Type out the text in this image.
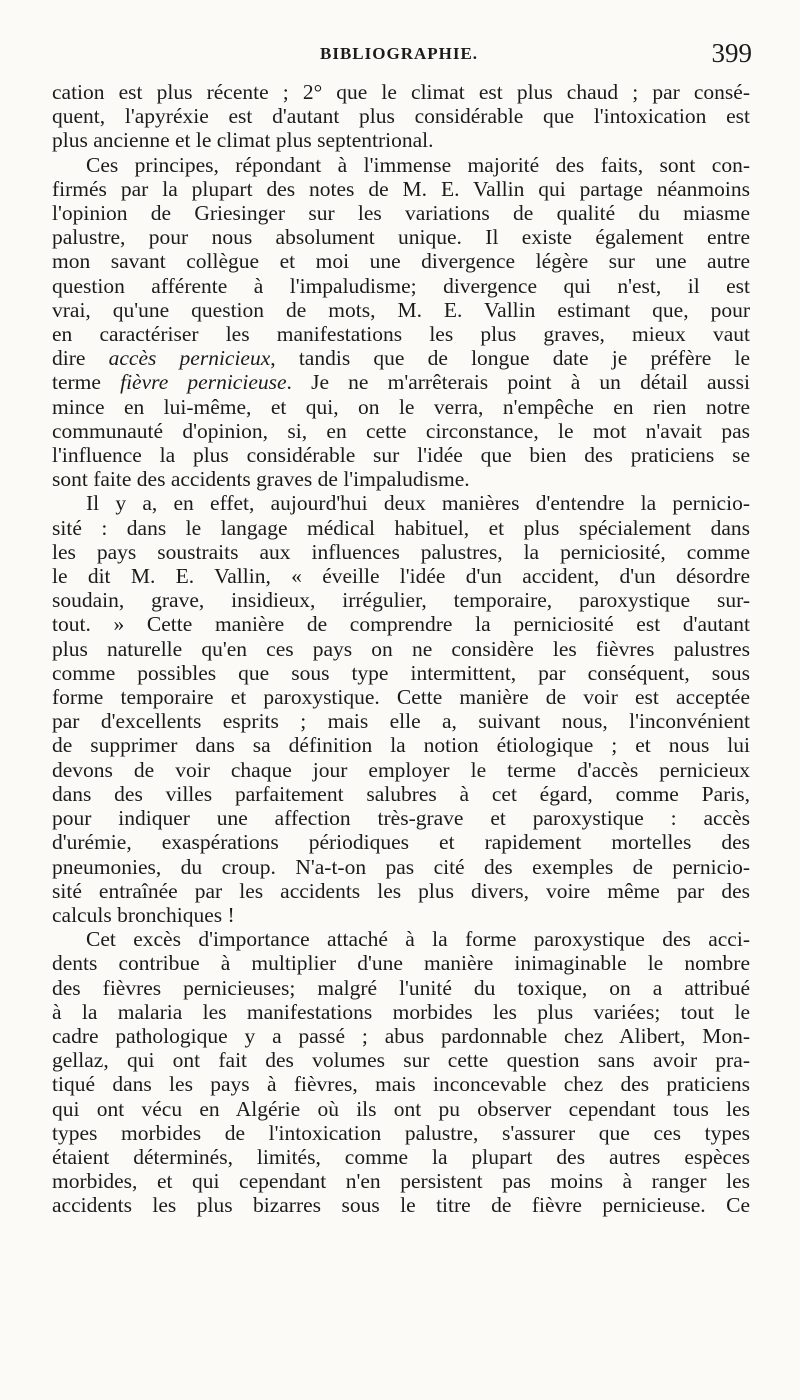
BIBLIOGRAPHIE.	399
cation est plus récente ; 2° que le climat est plus chaud ; par consé-
quent, l'apyréxie est d'autant plus considérable que l'intoxication est
plus ancienne et le climat plus septentrional.
Ces principes, répondant à l'immense majorité des faits, sont con-
firmés par la plupart des notes de M. E. Vallin qui partage néanmoins
l'opinion de Griesinger sur les variations de qualité du miasme
palustre, pour nous absolument unique. Il existe également entre
mon savant collègue et moi une divergence légère sur une autre
question afférente à l'impaludisme; divergence qui n'est, il est
vrai, qu'une question de mots, M. E. Vallin estimant que, pour
en caractériser les manifestations les plus graves, mieux vaut
dire accès pernicieux, tandis que de longue date je préfère le
terme fièvre pernicieuse. Je ne m'arrêterais point à un détail aussi
mince en lui-même, et qui, on le verra, n'empêche en rien notre
communauté d'opinion, si, en cette circonstance, le mot n'avait pas
l'influence la plus considérable sur l'idée que bien des praticiens se
sont faite des accidents graves de l'impaludisme.
Il y a, en effet, aujourd'hui deux manières d'entendre la pernicio-
sité : dans le langage médical habituel, et plus spécialement dans
les pays soustraits aux influences palustres, la perniciosité, comme
le dit M. E. Vallin, « éveille l'idée d'un accident, d'un désordre
soudain, grave, insidieux, irrégulier, temporaire, paroxystique sur-
tout. » Cette manière de comprendre la perniciosité est d'autant
plus naturelle qu'en ces pays on ne considère les fièvres palustres
comme possibles que sous type intermittent, par conséquent, sous
forme temporaire et paroxystique. Cette manière de voir est acceptée
par d'excellents esprits ; mais elle a, suivant nous, l'inconvénient
de supprimer dans sa définition la notion étiologique ; et nous lui
devons de voir chaque jour employer le terme d'accès pernicieux
dans des villes parfaitement salubres à cet égard, comme Paris,
pour indiquer une affection très-grave et paroxystique : accès
d'urémie, exaspérations périodiques et rapidement mortelles des
pneumonies, du croup. N'a-t-on pas cité des exemples de pernicio-
sité entraînée par les accidents les plus divers, voire même par des
calculs bronchiques !
Cet excès d'importance attaché à la forme paroxystique des acci-
dents contribue à multiplier d'une manière inimaginable le nombre
des fièvres pernicieuses; malgré l'unité du toxique, on a attribué
à la malaria les manifestations morbides les plus variées; tout le
cadre pathologique y a passé ; abus pardonnable chez Alibert, Mon-
gellaz, qui ont fait des volumes sur cette question sans avoir pra-
tiqué dans les pays à fièvres, mais inconcevable chez des praticiens
qui ont vécu en Algérie où ils ont pu observer cependant tous les
types morbides de l'intoxication palustre, s'assurer que ces types
étaient déterminés, limités, comme la plupart des autres espèces
morbides, et qui cependant n'en persistent pas moins à ranger les
accidents les plus bizarres sous le titre de fièvre pernicieuse. Ce
